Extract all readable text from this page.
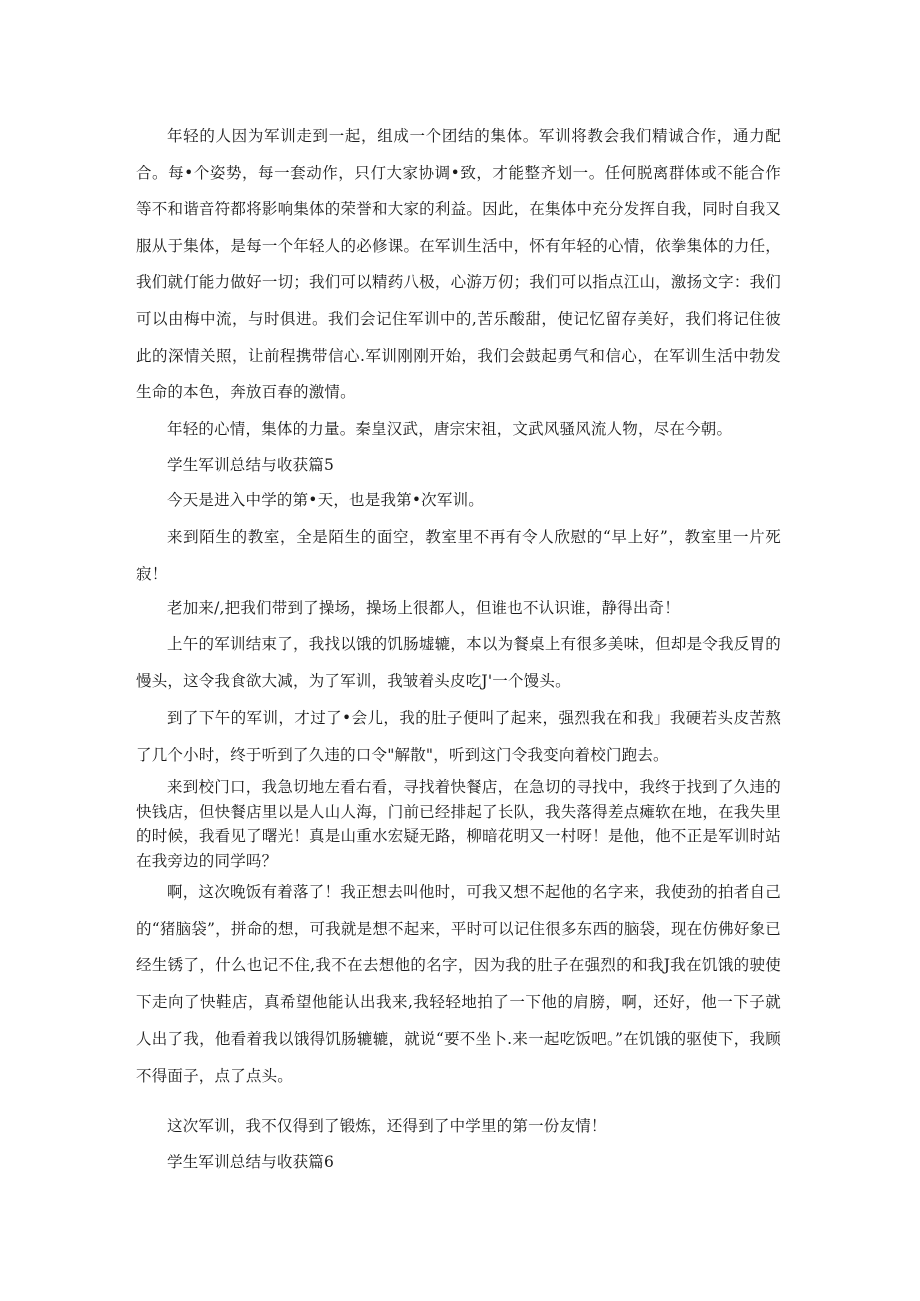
年轻的人因为军训走到一起，组成一个团结的集体。军训将教会我们精诚合作，通力配合。每•个姿势，每一套动作，只仃大家协调•致，才能整齐划一。任何脱离群体或不能合作等不和谐音符都将影响集体的荣誉和大家的利益。因此，在集体中充分发挥自我，同时自我又服从于集体，是每一个年轻人的必修课。在军训生活中，怀有年轻的心情，依拳集体的力任，我们就仃能力做好一切；我们可以精药八极，心游万仞；我们可以指点江山，激扬文字：我们可以由梅中流，与时俱进。我们会记住军训中的,苦乐酸甜，使记忆留存美好，我们将记住彼此的深情关照，让前程携带信心.军训刚刚开始，我们会鼓起勇气和信心，在军训生活中勃发生命的本色，奔放百春的激情。

年轻的心情，集体的力量。秦皇汉武，唐宗宋祖，文武风骚风流人物，尽在今朝。

学生军训总结与收获篇5

今天是进入中学的第•天，也是我第•次军训。

来到陌生的教室，全是陌生的面空，教室里不再有令人欣慰的“早上好”，教室里一片死寂！

老加来/,把我们带到了操场，操场上很都人，但谁也不认识谁，静得出奇！

上午的军训结束了，我找以饿的饥肠墟辘，本以为餐桌上有很多美味，但却是令我反胃的慢头，这令我食欲大减，为了军训，我皱着头皮吃J'一个馒头。

到了下午的军训，才过了•会儿，我的肚子便叫了起来，强烈我在和我」我硬若头皮苦熬了几个小时，终于听到了久违的口令"解散"，听到这门令我变向着校门跑去。

来到校门口，我急切地左看右看，寻找着快餐店，在急切的寻找中，我终于找到了久违的快钱店，但快餐店里以是人山人海，门前已经排起了长队，我失落得差点瘫软在地，在我失里的时候，我看见了曙光！真是山重水宏疑无路，柳暗花明又一村呀！是他，他不正是军训时站在我旁边的同学吗？

啊，这次晚饭有着落了！我正想去叫他时，可我又想不起他的名字来，我使劲的拍者自己的“猪脑袋”，拼命的想，可我就是想不起来，平时可以记住很多东西的脑袋，现在仿佛好象已经生锈了，什么也记不住,我不在去想他的名字，因为我的肚子在强烈的和我J我在饥饿的驶使下走向了快鞋店，真希望他能认出我来,我轻轻地拍了一下他的肩膀，啊，还好，他一下子就人出了我，他看着我以饿得饥肠辘辘，就说“要不坐卜.来一起吃饭吧。”在饥饿的驱使下，我顾不得面子，点了点头。

这次军训，我不仅得到了锻炼，还得到了中学里的第一份友情！

学生军训总结与收获篇6
